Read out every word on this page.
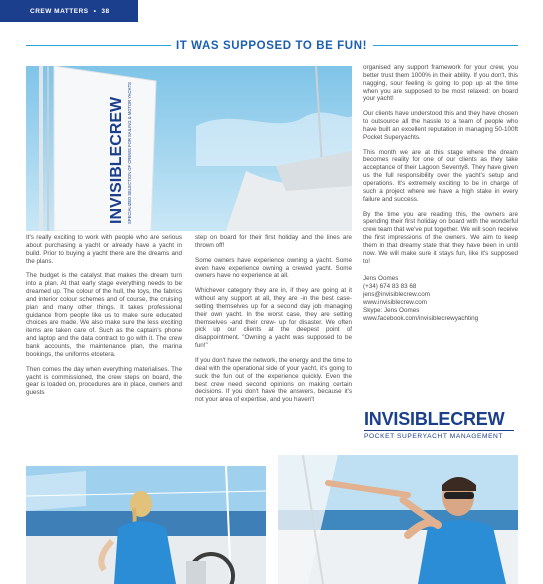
CREW MATTERS • 38
IT WAS SUPPOSED TO BE FUN!
INVISIBLECREW SPECIALIZED SELECTION OF CREWS FOR SAILING & MOTOR YACHTS

It's really exciting to work with people who are serious about purchasing a yacht or already have a yacht in build. Prior to buying a yacht there are the dreams and the plans.

The budget is the catalyst that makes the dream turn into a plan. At that early stage everything needs to be dreamed up. The colour of the hull, the toys, the fabrics and interior colour schemes and of course, the cruising plan and many other things. It takes professional guidance from people like us to make sure educated choices are made. We also make sure the less exciting items are taken care of. Such as the captain's phone and laptop and the data contract to go with it. The crew bank accounts, the maintenance plan, the marina bookings, the uniforms etcetera.

Then comes the day when everything materialises. The yacht is commissioned, the crew steps on board, the gear is loaded on, procedures are in place, owners and guests

step on board for their first holiday and the lines are thrown off!

Some owners have experience owning a yacht. Some even have experience owning a crewed yacht. Some owners have no experience at all.

Whichever category they are in, if they are going at it without any support at all, they are -in the best case- setting themselves up for a second day job managing their own yacht. In the worst case, they are setting themselves -and their crew- up for disaster. We often pick up our clients at the deepest point of disappointment. "Owning a yacht was supposed to be fun!"

If you don't have the network, the energy and the time to deal with the operational side of your yacht, it's going to suck the fun out of the experience quickly. Even the best crew need second opinions on making certain decisions. If you don't have the answers, because it's not your area of expertise, and you haven't

organised any support framework for your crew, you better trust them 1000% in their ability. If you don't, this nagging, sour feeling is going to pop up at the time when you are supposed to be most relaxed: on board your yacht!

Our clients have understood this and they have chosen to outsource all the hassle to a team of people who have built an excellent reputation in managing 50-100ft Pocket Superyachts.

This month we are at this stage where the dream becomes reality for one of our clients as they take acceptance of their Lagoon Seventy8. They have given us the full responsibility over the yacht's setup and operations. It's extremely exciting to be in charge of such a project where we have a high stake in every failure and success.

By the time you are reading this, the owners are spending their first holiday on board with the wonderful crew team that we've put together. We will soon receive the first impressions of the owners. We aim to keep them in that dreamy state that they have been in until now. We will make sure it stays fun, like it's supposed to!

Jens Oomes
(+34) 674 83 83 68
jens@invisiblecrew.com
www.invisiblecrew.com
Skype: Jens Oomes
www.facebook.com/invisiblecrewyachting
INVISIBLECREW
POCKET SUPERYACHT MANAGEMENT
